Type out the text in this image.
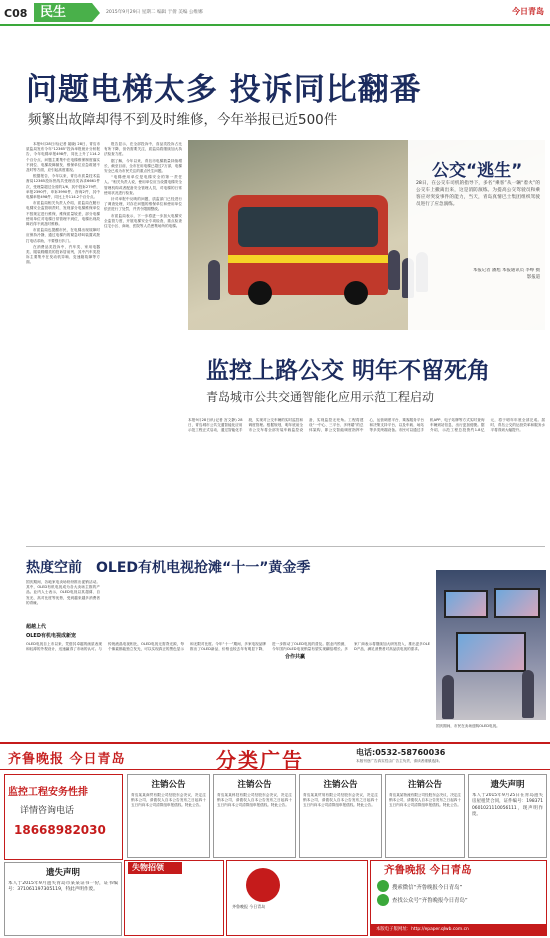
C08 民生	2015年9月29日 星期二 编辑 于倩 美编 公维娜	今日青岛
问题电梯太多 投诉同比翻番
频繁出故障却得不到及时维修，今年举报已近500件

本报9月28日讯(记者 晁晓) 28日，青岛市质监局发布今年“12365”投诉举报统计分析报告，今年电梯举报498件，同比上升了114.2个百分点，问题主要集中在电梯维保制度落实不到位、电梯故障频发、维保单位应急救援不及时等方面，应引起高度重视。

根据报告，今年以来，青岛市质量技术监督局12365投诉热线共受理各类诉求6661件次，受理量超过全省的1/6，其中投诉279件，举报2390件，申诉3990件，咨询2件，其中电梯举报498件，同比上升114.2个百分点。

市质监局相关负责人介绍，质监局在履行电梯安全监管职责时，发现部分电梯维保单位不按规定进行维保，维保质量较差，部分电梯使用单位对电梯日常管理不到位，电梯出现故障后得不到及时维修。

市质监局也提醒市民，在电梯出现故障时应保持冷静，通过电梯内的紧急呼叫装置或拨打电话求助，不要强行扒门。

在消费品类投诉中，汽车类、家用电器类、服装鞋帽类的投诉居前列，其中汽车类投诉主要集中在发动机异响、变速箱故障等方面。

报告显示，在全部投诉中，食品类投诉占比有所下降，但仍需要关注，质监局将继续加大执法检查力度。

据了解，今年以来，青岛市电梯数量持续增长，截至目前，全市在用电梯已超过7万部，电梯安全已成为市民关注的重点民生问题。

“电梯使用单位是电梯安全的第一责任人。”相关负责人说，使用单位应当设置电梯安全管理机构或者配备安全管理人员，对电梯的日常使用状况进行检查。

针对举报中反映的问题，质监部门已经进行了调查处理，对存在问题的维保单位和使用单位依法进行了处罚，并责令限期整改。

市质监局表示，下一步将进一步加大电梯安全监管力度，开展电梯安全专项检查，重点检查住宅小区、商场、医院等人员密集场所的电梯。

公交“逃生”
28日，在公交车司机的指导下，多名“乘客”从一辆“着火”的公交车上撤离出来，这是消防演练。为提高公交驾驶员和乘客应对突发事件的能力，当天，青岛真情巴士集团组织驾驶员进行了应急演练。
本报记者 潘旭 本报通讯员 李峥 摄影报道
监控上路公交 明年不留死角
青岛城市公共交通智能化应用示范工程启动
本报9月28日讯(记者 宫文静) 28日，青岛城市公共交通智能化应用示范工程正式启动，通过智能化手段，实现对公交车辆的实时监控和调度管理。根据规划，明年底前全市公交车将全部安装车载监控设备，实现监控无死角。工程将建设“一中心、三平台、多终端”的总体架构，即公交智能调度指挥中心，运营调度平台、乘客服务平台和决策支持平台，以及车载、场站等多类终端设备。市民可以通过手机APP、电子站牌等方式实时查询车辆到站信息，出行更加便捷。据介绍，示范工程总投资约1.8亿元，将于明年年底全部完成。届时，青岛公交的运营效率和服务水平将得到大幅提升。
热度空前　OLED有机电视抢滩“十一”黄金季
国庆期间，各地家电卖场纷纷推出促销活动。其中，OLED有机电视成为各大卖场主推的产品。业内人士表示，OLED电视以其超薄、自发光、高对比度等优势，受到越来越多消费者的青睐。
超越上代
OLED有机电视成新宠
OLED电视自上市以来，凭借其卓越的画质表现和轻薄的外观设计，迅速赢得了市场的认可。与传统液晶电视相比，OLED电视无需背光源，每个像素都能独立发光，可以实现真正的黑色显示和无限对比度。今年“十一”期间，多家电视品牌推出了OLED新品，价格也较去年有明显下降，进一步推动了OLED电视的普及。据业内预测，今年国内OLED电视销量有望实现翻倍增长。多家厂商表示将继续加大研发投入，推出更多OLED产品，满足消费者对高品质电视的需求。
合作共赢
国庆期间，市民在卖场选购OLED电视。
齐鲁晚报 今日青岛	分类广告	电话:0532-58760036
本版刊登广告真实性由广告主负责，请读者谨慎选择。
监控工程安务性排
详情咨询电话
18668982030
注销公告
青岛某某商贸有限公司经股东会决议，决定注销本公司，请债权人自本公告发布之日起四十五日内向本公司清算组申报债权。特此公告。
注销公告
青岛某某科技有限公司经股东会决议，决定注销本公司，请债权人自本公告发布之日起四十五日内向本公司清算组申报债权。特此公告。
注销公告
青岛某某贸易有限公司经股东会决议，决定注销本公司，请债权人自本公告发布之日起四十五日内向本公司清算组申报债权。特此公告。
注销公告
青岛某某物流有限公司经股东会决议，决定注销本公司，请债权人自本公告发布之日起四十五日内向本公司清算组申报债权。特此公告。
遗失声明
本人于2015年9月25日在青岛遗失房屋租赁合同，证件编号：1983710601021110056111，现声明作废。
遗失声明
本人于2015年9月遗失青岛市某某证书一份，证书编号：371061197305119，特此声明作废。
失物招领
齐鲁晚报 今日青岛
齐鲁晚报 今日青岛
搜索微信“齐鲁晚报今日青岛”
查找公众号“齐鲁晚报今日青岛”
本版电子版网址：http://epaper.qlwb.com.cn
